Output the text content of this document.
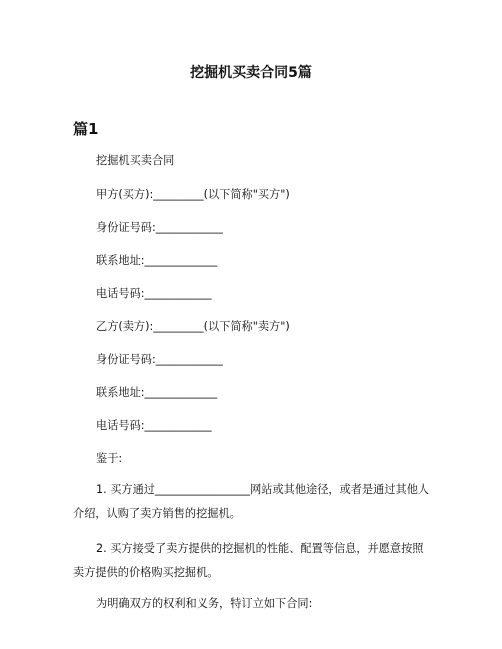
挖掘机买卖合同5篇
篇1

挖掘机买卖合同

甲方(买方):_________(以下简称"买方")

身份证号码:____________

联系地址:_____________

电话号码:____________

乙方(卖方):_________(以下简称"卖方")

身份证号码:____________

联系地址:_____________

电话号码:____________

鉴于:

1. 买方通过_________________网站或其他途径，或者是通过其他人介绍，认购了卖方销售的挖掘机。

2. 买方接受了卖方提供的挖掘机的性能、配置等信息，并愿意按照卖方提供的价格购买挖掘机。

为明确双方的权利和义务，特订立如下合同:
